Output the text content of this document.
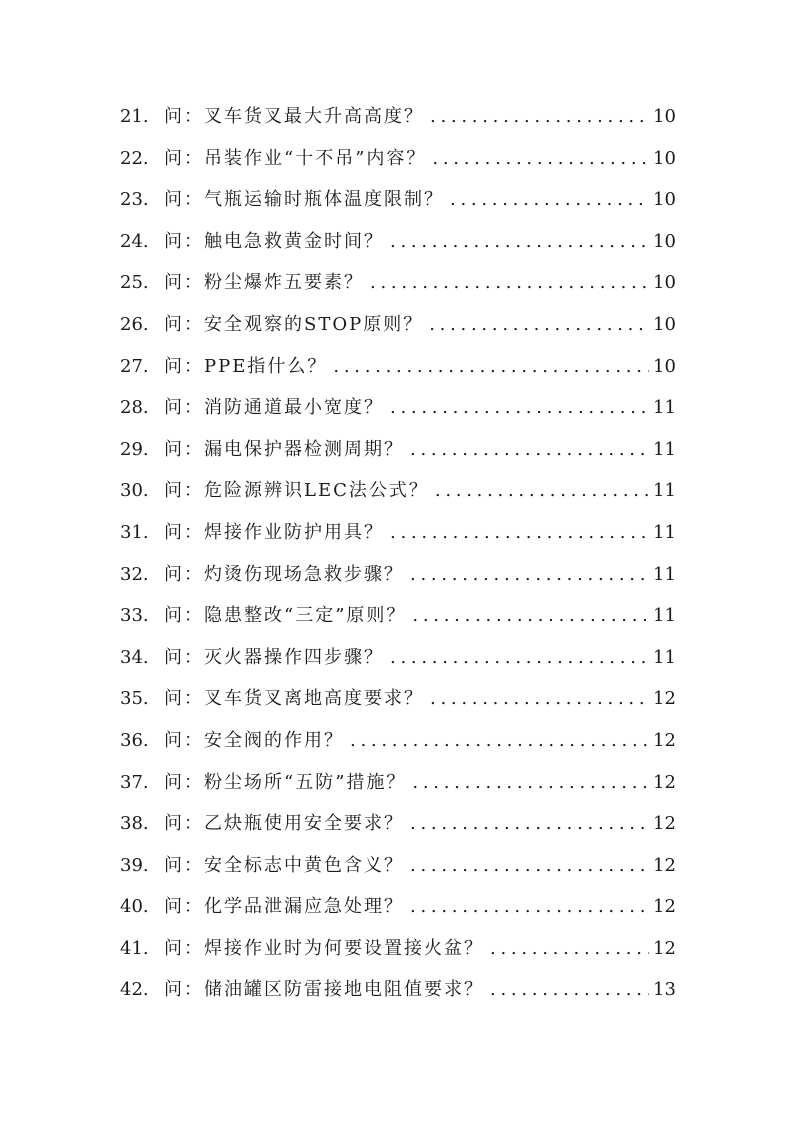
21. 问：叉车货叉最大升高高度？ . . .	10
22. 问：吊装作业“十不吊”内容？ . . .	10
23. 问：气瓶运输时瓶体温度限制？ . . .	10
24. 问：触电急救黄金时间？ . . .	10
25. 问：粉尘爆炸五要素？ . . .	10
26. 问：安全观察的STOP原则？ . . .	10
27. 问：PPE指什么？ . . .	10
28. 问：消防通道最小宽度？ . . .	11
29. 问：漏电保护器检测周期？ . . .	11
30. 问：危险源辨识LEC法公式？ . . .	11
31. 问：焊接作业防护用具？ . . .	11
32. 问：灼烫伤现场急救步骤？ . . .	11
33. 问：隐患整改“三定”原则？ . . .	11
34. 问：灭火器操作四步骤？ . . .	11
35. 问：叉车货叉离地高度要求？ . . .	12
36. 问：安全阀的作用？ . . .	12
37. 问：粉尘场所“五防”措施？ . . .	12
38. 问：乙炔瓶使用安全要求？ . . .	12
39. 问：安全标志中黄色含义？ . . .	12
40. 问：化学品泄漏应急处理？ . . .	12
41. 问：焊接作业时为何要设置接火盆？ . . .	12
42. 问：储油罐区防雷接地电阻值要求？ . . .	13
